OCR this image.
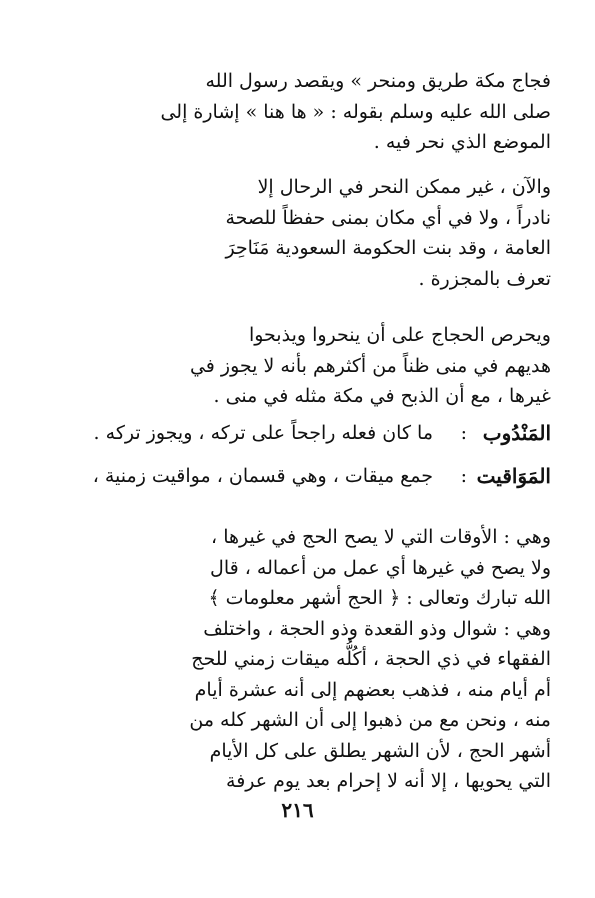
فجاج مكة طريق ومنحر » ويقصد رسول الله
صلى الله عليه وسلم بقوله : « ها هنا » إشارة إلى
الموضع الذي نحر فيه .
والآن ، غير ممكن النحر في الرحال إلا
نادراً ، ولا في أي مكان بمنى حفظاً للصحة
العامة ، وقد بنت الحكومة السعودية مَنَاحِرَ
تعرف بالمجزرة .
ويحرص الحجاج على أن ينحروا ويذبحوا
هديهم في منى ظناً من أكثرهم بأنه لا يجوز في
غيرها ، مع أن الذبح في مكة مثله في منى .
المَنْدُوب
:
ما كان فعله راجحاً على تركه ، ويجوز تركه .
المَوَاقيت
:
جمع ميقات ، وهي قسمان ، مواقيت زمنية ،
وهي : الأوقات التي لا يصح الحج في غيرها ،
ولا يصح في غيرها أي عمل من أعماله ، قال
الله تبارك وتعالى : ﴿ الحج أشهر معلومات ﴾
وهي : شوال وذو القعدة وذو الحجة ، واختلف
الفقهاء في ذي الحجة ، أكُلُّه ميقات زمني للحج
أم أيام منه ، فذهب بعضهم إلى أنه عشرة أيام
منه ، ونحن مع من ذهبوا إلى أن الشهر كله من
أشهر الحج ، لأن الشهر يطلق على كل الأيام
التي يحويها ، إلا أنه لا إحرام بعد يوم عرفة
٢١٦
